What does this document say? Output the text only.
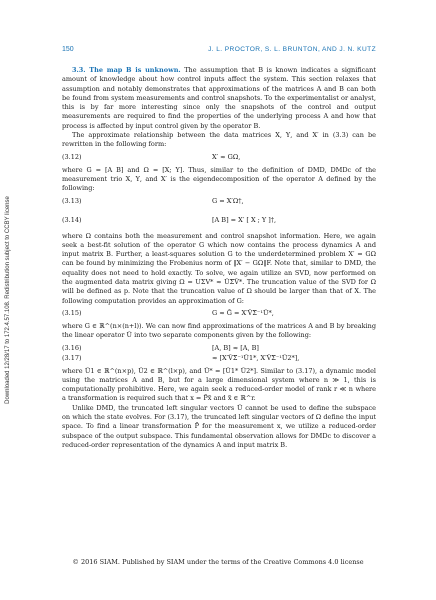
Downloaded 12/28/17 to 172.4.57.108. Redistribution subject to CCBY license
150	J. L. PROCTOR, S. L. BRUNTON, AND J. N. KUTZ

3.3. The map B is unknown. The assumption that B is known indicates a significant amount of knowledge about how control inputs affect the system. This section relaxes that assumption and notably demonstrates that approximations of the matrices A and B can both be found from system measurements and control snapshots. To the experimentalist or analyst, this is by far more interesting since only the snapshots of the control and output measurements are required to find the properties of the underlying process A and how that process is affected by input control given by the operator B.

The approximate relationship between the data matrices X, Υ, and X′ in (3.3) can be rewritten in the following form:

(3.12)	X′ ≈ GΩ,

where G = [A B] and Ω = [X; Υ]. Thus, similar to the definition of DMD, DMDc of the measurement trio X, Υ, and X′ is the eigendecomposition of the operator A defined by the following:

(3.13)	G = X′Ω†,
(3.14)	[A B] = X′ [ X ; Υ ]†,

where Ω contains both the measurement and control snapshot information. Here, we again seek a best-fit solution of the operator G which now contains the process dynamics A and input matrix B. Further, a least-squares solution G to the underdetermined problem X′ = GΩ can be found by minimizing the Frobenius norm of ‖X′ − GΩ‖F. Note that, similar to DMD, the equality does not need to hold exactly. To solve, we again utilize an SVD, now performed on the augmented data matrix giving Ω = UΣV* ≈ ŨΣ̃Ṽ*. The truncation value of the SVD for Ω will be defined as p. Note that the truncation value of Ω should be larger than that of X. The following computation provides an approximation of G:

(3.15)	G ≈ Ḡ = X′ṼΣ̃⁻¹Ũ*,

where G ∈ ℝ^(n×(n+l)). We can now find approximations of the matrices A and B by breaking the linear operator Ũ into two separate components given by the following:

(3.16)	[A, B] ≈ [A, B]
(3.17)	≈ [X′ṼΣ̃⁻¹Ũ1*, X′ṼΣ̃⁻¹Ũ2*],

where Ũ1 ∈ ℝ^(n×p), Ũ2 ∈ ℝ^(l×p), and Ũ* = [Ũ1* Ũ2*]. Similar to (3.17), a dynamic model using the matrices A and B, but for a large dimensional system where n ≫ 1, this is computationally prohibitive. Here, we again seek a reduced-order model of rank r ≪ n where a transformation is required such that x = P̃x̃ and x̃ ∈ ℝ^r.

Unlike DMD, the truncated left singular vectors Ũ cannot be used to define the subspace on which the state evolves. For (3.17), the truncated left singular vectors of Ω define the input space. To find a linear transformation P̃ for the measurement x, we utilize a reduced-order subspace of the output subspace. This fundamental observation allows for DMDc to discover a reduced-order representation of the dynamics A and input matrix B.

© 2016 SIAM. Published by SIAM under the terms of the Creative Commons 4.0 license
